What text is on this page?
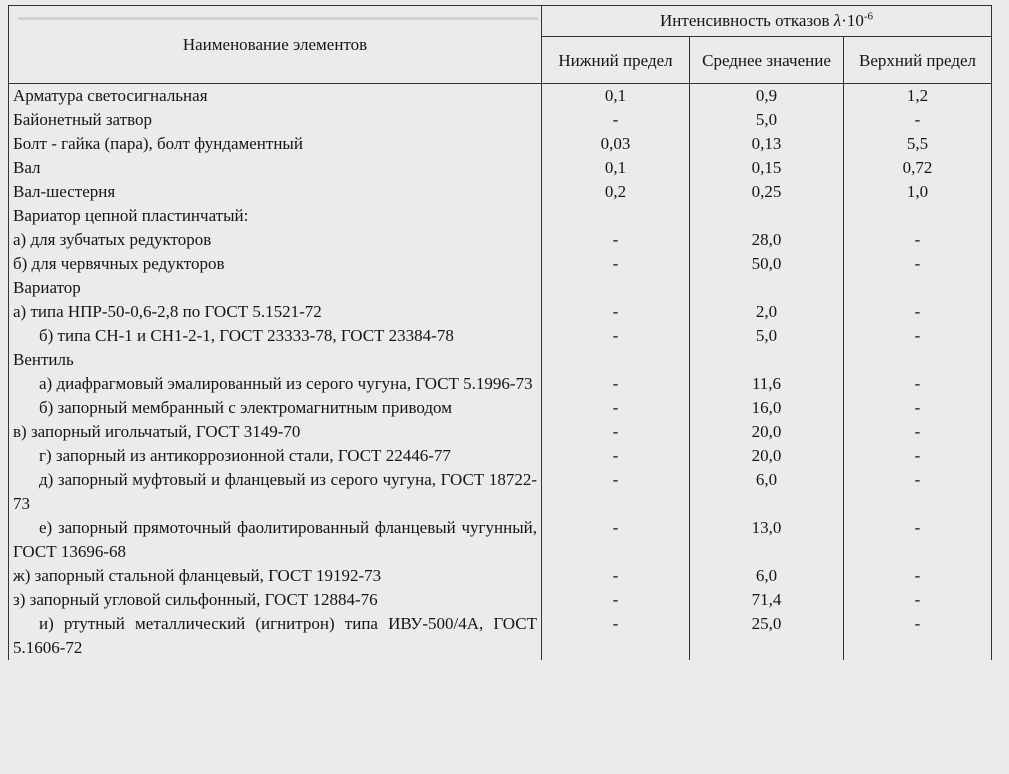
Наименование элементов	Интенсивность отказов $\lambda\cdot 10^{-6}$
	Нижний предел	Среднее значение	Верхний предел
Арматура светосигнальная	0,1	0,9	1,2
Байонетный затвор	-	5,0	-
Болт - гайка (пара), болт фундаментный	0,03	0,13	5,5
Вал	0,1	0,15	0,72
Вал-шестерня	0,2	0,25	1,0
Вариатор цепной пластинчатый:			
а) для зубчатых редукторов	-	28,0	-
б) для червячных редукторов	-	50,0	-
Вариатор			
а) типа НПР-50-0,6-2,8 по ГОСТ 5.1521-72	-	2,0	-
б) типа СН-1 и СН1-2-1, ГОСТ 23333-78, ГОСТ 23384-78	-	5,0	-
Вентиль			
а) диафрагмовый эмалированный из серого чугуна, ГОСТ 5.1996-73	-	11,6	-
б) запорный мембранный с электромагнитным приводом	-	16,0	-
в) запорный игольчатый, ГОСТ 3149-70	-	20,0	-
г) запорный из антикоррозионной стали, ГОСТ 22446-77	-	20,0	-
д) запорный муфтовый и фланцевый из серого чугуна, ГОСТ 18722-73	-	6,0	-
е) запорный прямоточный фаолитированный фланцевый чугунный, ГОСТ 13696-68	-	13,0	-
ж) запорный стальной фланцевый, ГОСТ 19192-73	-	6,0	-
з) запорный угловой сильфонный, ГОСТ 12884-76	-	71,4	-
и) ртутный металлический (игнитрон) типа ИВУ-500/4А, ГОСТ 5.1606-72	-	25,0	-
